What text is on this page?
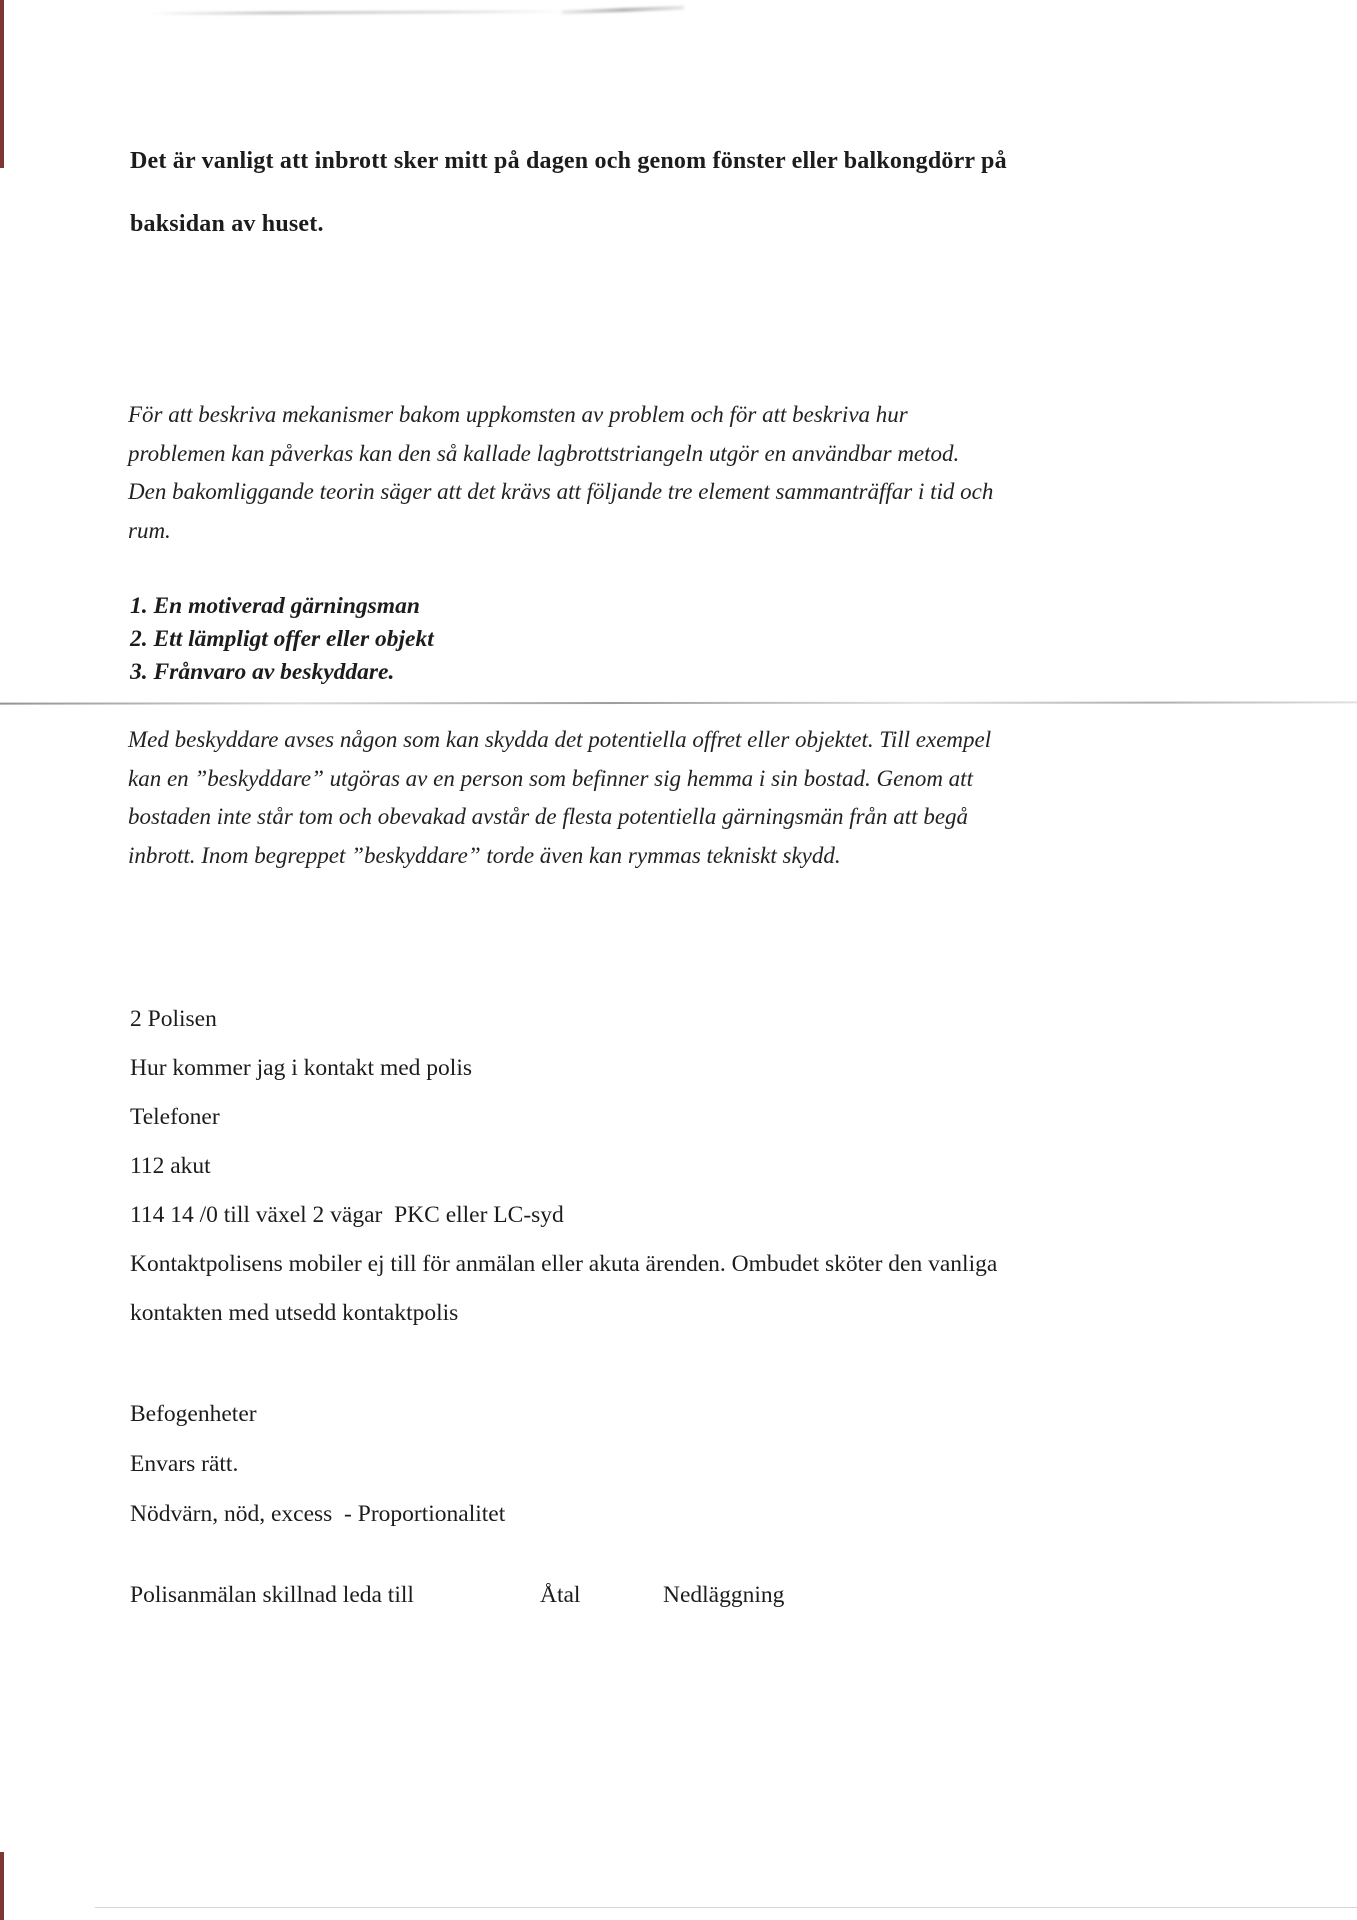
Det är vanligt att inbrott sker mitt på dagen och genom fönster eller balkongdörr på
baksidan av huset.
För att beskriva mekanismer bakom uppkomsten av problem och för att beskriva hur
problemen kan påverkas kan den så kallade lagbrottstriangeln utgör en användbar metod.
Den bakomliggande teorin säger att det krävs att följande tre element sammanträffar i tid och
rum.
1. En motiverad gärningsman
2. Ett lämpligt offer eller objekt
3. Frånvaro av beskyddare.
Med beskyddare avses någon som kan skydda det potentiella offret eller objektet. Till exempel
kan en ”beskyddare” utgöras av en person som befinner sig hemma i sin bostad. Genom att
bostaden inte står tom och obevakad avstår de flesta potentiella gärningsmän från att begå
inbrott. Inom begreppet ”beskyddare” torde även kan rymmas tekniskt skydd.
2 Polisen
Hur kommer jag i kontakt med polis
Telefoner
112 akut
114 14 /0 till växel 2 vägar  PKC eller LC-syd
Kontaktpolisens mobiler ej till för anmälan eller akuta ärenden. Ombudet sköter den vanliga
kontakten med utsedd kontaktpolis
Befogenheter
Envars rätt.
Nödvärn, nöd, excess  - Proportionalitet
Polisanmälan skillnad leda till	Åtal	Nedläggning
